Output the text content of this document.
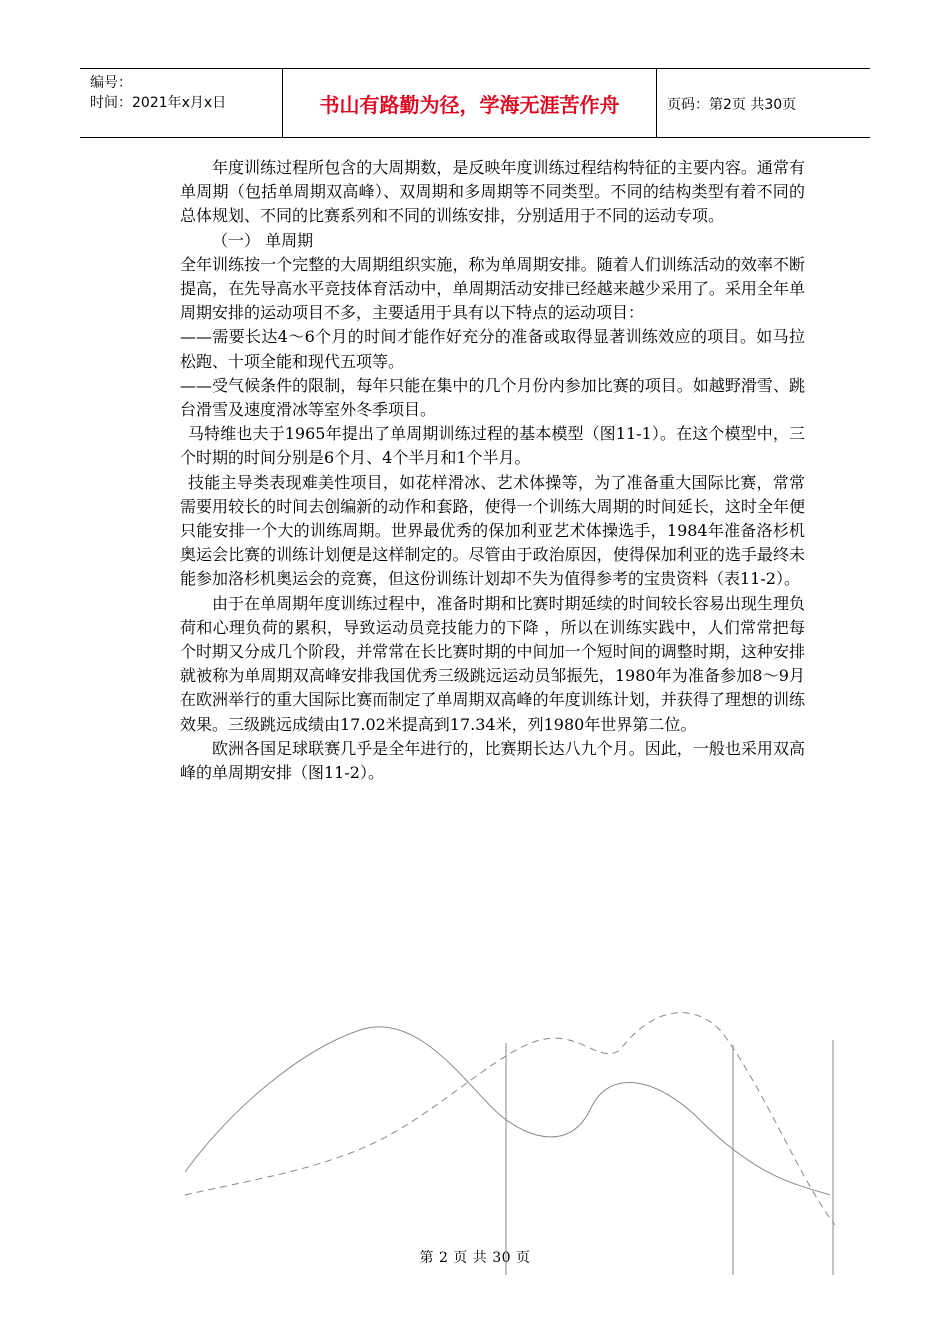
编号：
时间：2021年x月x日	书山有路勤为径，学海无涯苦作舟	页码：第2页 共30页

年度训练过程所包含的大周期数，是反映年度训练过程结构特征的主要内容。通常有单周期（包括单周期双高峰）、双周期和多周期等不同类型。不同的结构类型有着不同的总体规划、不同的比赛系列和不同的训练安排，分别适用于不同的运动专项。

（一） 单周期

全年训练按一个完整的大周期组织实施，称为单周期安排。随着人们训练活动的效率不断提高，在先导高水平竞技体育活动中，单周期活动安排已经越来越少采用了。采用全年单周期安排的运动项目不多，主要适用于具有以下特点的运动项目：

——需要长达4～6个月的时间才能作好充分的准备或取得显著训练效应的项目。如马拉松跑、十项全能和现代五项等。

——受气候条件的限制，每年只能在集中的几个月份内参加比赛的项目。如越野滑雪、跳台滑雪及速度滑冰等室外冬季项目。

马特维也夫于1965年提出了单周期训练过程的基本模型（图11-1）。在这个模型中，三个时期的时间分别是6个月、4个半月和1个半月。

技能主导类表现难美性项目，如花样滑冰、艺术体操等，为了准备重大国际比赛，常常需要用较长的时间去创编新的动作和套路，使得一个训练大周期的时间延长，这时全年便只能安排一个大的训练周期。世界最优秀的保加利亚艺术体操选手，1984年准备洛杉机奥运会比赛的训练计划便是这样制定的。尽管由于政治原因，使得保加利亚的选手最终未能参加洛杉机奥运会的竞赛，但这份训练计划却不失为值得参考的宝贵资料（表11-2）。

由于在单周期年度训练过程中，准备时期和比赛时期延续的时间较长容易出现生理负荷和心理负荷的累积，导致运动员竞技能力的下降 ，所以在训练实践中，人们常常把每个时期又分成几个阶段，并常常在长比赛时期的中间加一个短时间的调整时期，这种安排就被称为单周期双高峰安排我国优秀三级跳远运动员邹振先，1980年为准备参加8～9月在欧洲举行的重大国际比赛而制定了单周期双高峰的年度训练计划，并获得了理想的训练效果。三级跳远成绩由17.02米提高到17.34米，列1980年世界第二位。

欧洲各国足球联赛几乎是全年进行的，比赛期长达八九个月。因此，一般也采用双高峰的单周期安排（图11-2）。

第 2 页 共 30 页
